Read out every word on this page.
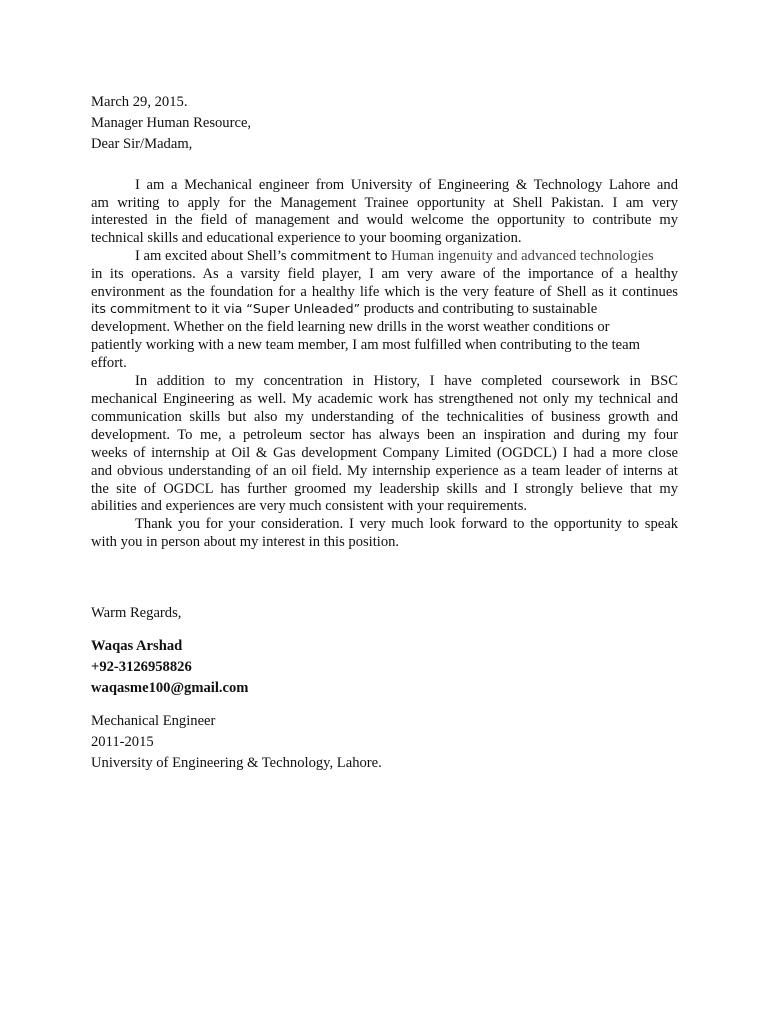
March 29, 2015.
Manager Human Resource,
Dear Sir/Madam,
I am a Mechanical engineer from University of Engineering & Technology Lahore and
am writing to apply for the Management Trainee opportunity at Shell Pakistan. I am very
interested in the field of management and would welcome the opportunity to contribute my
technical skills and educational experience to your booming organization.
I am excited about Shell’s commitment to Human ingenuity and advanced technologies
in its operations. As a varsity field player, I am very aware of the importance of a healthy
environment as the foundation for a healthy life which is the very feature of Shell as it continues
its commitment to it via “Super Unleaded” products and contributing to sustainable
development. Whether on the field learning new drills in the worst weather conditions or
patiently working with a new team member, I am most fulfilled when contributing to the team
effort.
In addition to my concentration in History, I have completed coursework in BSC
mechanical Engineering as well. My academic work has strengthened not only my technical and
communication skills but also my understanding of the technicalities of business growth and
development. To me, a petroleum sector has always been an inspiration and during my four
weeks of internship at Oil & Gas development Company Limited (OGDCL) I had a more close
and obvious understanding of an oil field. My internship experience as a team leader of interns at
the site of OGDCL has further groomed my leadership skills and I strongly believe that my
abilities and experiences are very much consistent with your requirements.
Thank you for your consideration. I very much look forward to the opportunity to speak
with you in person about my interest in this position.
Warm Regards,
Waqas Arshad
+92-3126958826
waqasme100@gmail.com
Mechanical Engineer
2011-2015
University of Engineering & Technology, Lahore.
